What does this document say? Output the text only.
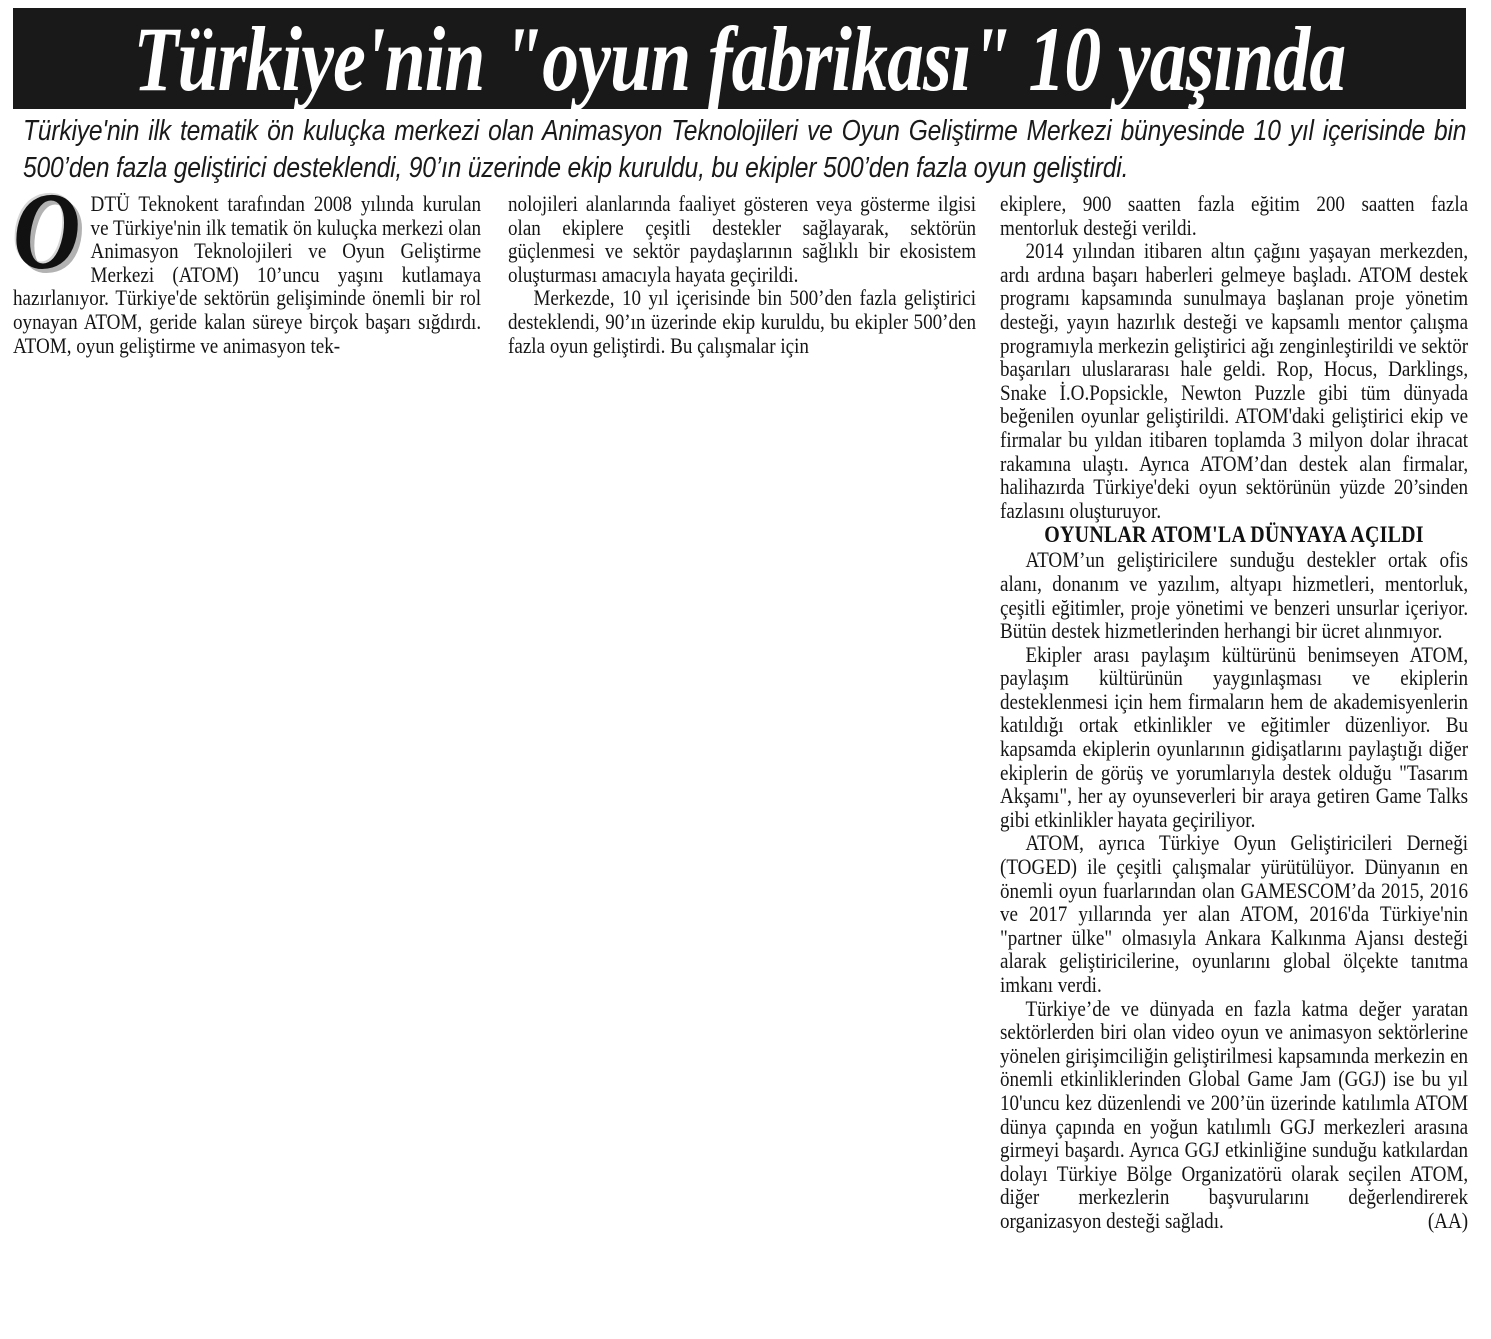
Türkiye'nin "oyun fabrikası" 10 yaşında
Türkiye'nin ilk tematik ön kuluçka merkezi olan Animasyon Teknolojileri ve Oyun Geliştirme Merkezi bünyesinde 10 yıl içerisinde bin 500’den fazla geliştirici desteklendi, 90’ın üzerinde ekip kuruldu, bu ekipler 500’den fazla oyun geliştirdi.

ODTÜ Teknokent tarafından 2008 yılında kurulan ve Türkiye'nin ilk tematik ön kuluçka merkezi olan Animasyon Teknolojileri ve Oyun Geliştirme Merkezi (ATOM) 10’uncu yaşını kutlamaya hazırlanıyor. Türkiye'de sektörün gelişiminde önemli bir rol oynayan ATOM, geride kalan süreye birçok başarı sığdırdı. ATOM, oyun geliştirme ve animasyon tek-

nolojileri alanlarında faaliyet gösteren veya gösterme ilgisi olan ekiplere çeşitli destekler sağlayarak, sektörün güçlenmesi ve sektör paydaşlarının sağlıklı bir ekosistem oluşturması amacıyla hayata geçirildi.

Merkezde, 10 yıl içerisinde bin 500’den fazla geliştirici desteklendi, 90’ın üzerinde ekip kuruldu, bu ekipler 500’den fazla oyun geliştirdi. Bu çalışmalar için

ekiplere, 900 saatten fazla eğitim 200 saatten fazla mentorluk desteği verildi.

2014 yılından itibaren altın çağını yaşayan merkezden, ardı ardına başarı haberleri gelmeye başladı. ATOM destek programı kapsamında sunulmaya başlanan proje yönetim desteği, yayın hazırlık desteği ve kapsamlı mentor çalışma programıyla merkezin geliştirici ağı zenginleştirildi ve sektör başarıları uluslararası hale geldi. Rop, Hocus, Darklings, Snake İ.O.Popsickle, Newton Puzzle gibi tüm dünyada beğenilen oyunlar geliştirildi. ATOM'daki geliştirici ekip ve firmalar bu yıldan itibaren toplamda 3 milyon dolar ihracat rakamına ulaştı. Ayrıca ATOM’dan destek alan firmalar, halihazırda Türkiye'deki oyun sektörünün yüzde 20’sinden fazlasını oluşturuyor.

OYUNLAR ATOM'LA DÜNYAYA AÇILDI

ATOM’un geliştiricilere sunduğu destekler ortak ofis alanı, donanım ve yazılım, altyapı hizmetleri, mentorluk, çeşitli eğitimler, proje yönetimi ve benzeri unsurlar içeriyor. Bütün destek hizmetlerinden herhangi bir ücret alınmıyor.

Ekipler arası paylaşım kültürünü benimseyen ATOM, paylaşım kültürünün yaygınlaşması ve ekiplerin desteklenmesi için hem firmaların hem de akademisyenlerin katıldığı ortak etkinlikler ve eğitimler düzenliyor. Bu kapsamda ekiplerin oyunlarının gidişatlarını paylaştığı diğer ekiplerin de görüş ve yorumlarıyla destek olduğu "Tasarım Akşamı", her ay oyunseverleri bir araya getiren Game Talks gibi etkinlikler hayata geçiriliyor.

ATOM, ayrıca Türkiye Oyun Geliştiricileri Derneği (TOGED) ile çeşitli çalışmalar yürütülüyor. Dünyanın en önemli oyun fuarlarından olan GAMESCOM’da 2015, 2016 ve 2017 yıllarında yer alan ATOM, 2016'da Türkiye'nin "partner ülke" olmasıyla Ankara Kalkınma Ajansı desteği alarak geliştiricilerine, oyunlarını global ölçekte tanıtma imkanı verdi.

Türkiye’de ve dünyada en fazla katma değer yaratan sektörlerden biri olan video oyun ve animasyon sektörlerine yönelen girişimciliğin geliştirilmesi kapsamında merkezin en önemli etkinliklerinden Global Game Jam (GGJ) ise bu yıl 10'uncu kez düzenlendi ve 200’ün üzerinde katılımla ATOM dünya çapında en yoğun katılımlı GGJ merkezleri arasına girmeyi başardı. Ayrıca GGJ etkinliğine sunduğu katkılardan dolayı Türkiye Bölge Organizatörü olarak seçilen ATOM, diğer merkezlerin başvurularını değerlendirerek organizasyon desteği sağladı.	(AA)
